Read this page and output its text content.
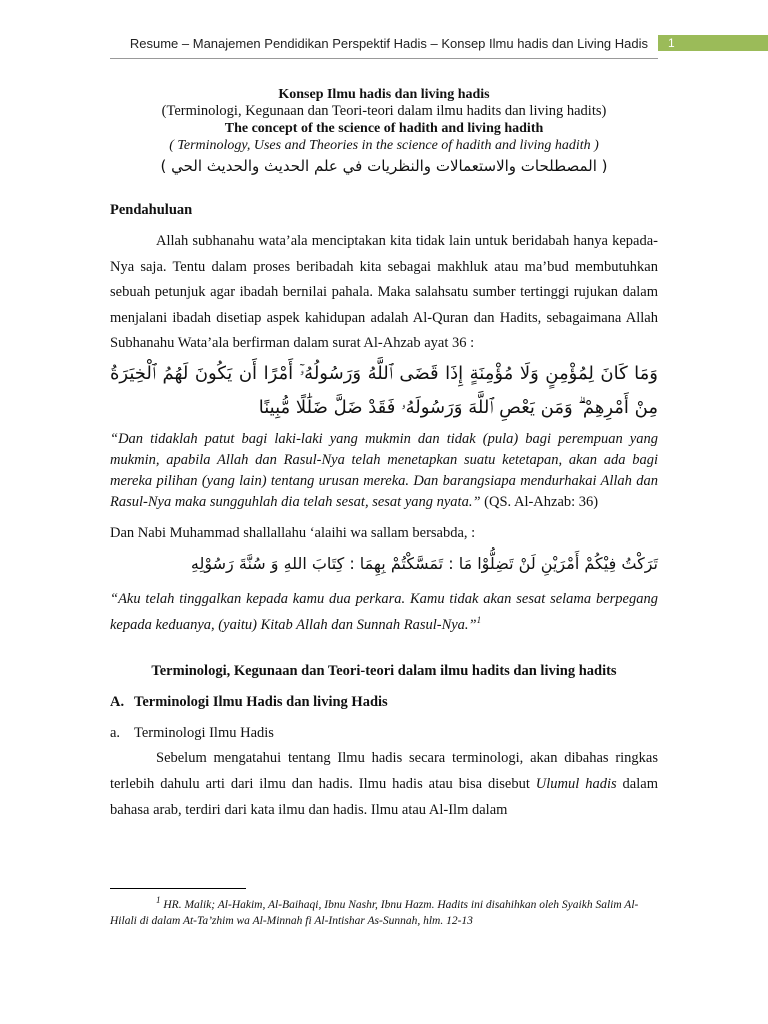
Resume – Manajemen Pendidikan Perspektif Hadis – Konsep Ilmu hadis dan Living Hadis	1
Konsep Ilmu hadis dan living hadis
(Terminologi, Kegunaan dan Teori-teori dalam ilmu hadits dan living hadits)
The concept of the science of hadith and living hadith
( Terminology, Uses and Theories in the science of hadith and living hadith )
( المصطلحات والاستعمالات والنظريات في علم الحديث والحديث الحي )
Pendahuluan

Allah subhanahu wata’ala menciptakan kita tidak lain untuk beridabah hanya kepada-Nya saja. Tentu dalam proses beribadah kita sebagai makhluk atau ma’bud membutuhkan sebuah petunjuk agar ibadah bernilai pahala. Maka salahsatu sumber tertinggi rujukan dalam menjalani ibadah disetiap aspek kahidupan adalah Al-Quran dan Hadits, sebagaimana Allah Subhanahu Wata’ala berfirman dalam surat Al-Ahzab ayat 36 :

وَمَا كَانَ لِمُؤْمِنٍ وَلَا مُؤْمِنَةٍ إِذَا قَضَى ٱللَّهُ وَرَسُولُهُۥٓ أَمْرًا أَن يَكُونَ لَهُمُ ٱلْخِيَرَةُ مِنْ أَمْرِهِمْ ۗ وَمَن يَعْصِ ٱللَّهَ وَرَسُولَهُۥ فَقَدْ ضَلَّ ضَلَٰلًا مُّبِينًا

“Dan tidaklah patut bagi laki-laki yang mukmin dan tidak (pula) bagi perempuan yang mukmin, apabila Allah dan Rasul-Nya telah menetapkan suatu ketetapan, akan ada bagi mereka pilihan (yang lain) tentang urusan mereka. Dan barangsiapa mendurhakai Allah dan Rasul-Nya maka sungguhlah dia telah sesat, sesat yang nyata.” (QS. Al-Ahzab: 36)

Dan Nabi Muhammad shallallahu ‘alaihi wa sallam bersabda, :

تَرَكْتُ فِيْكُمْ أَمْرَيْنِ لَنْ تَضِلُّوْا مَا : تَمَسَّكْتُمْ بِهِمَا : كِتَابَ اللهِ وَ سُنَّةَ رَسُوْلِهِ

“Aku telah tinggalkan kepada kamu dua perkara. Kamu tidak akan sesat selama berpegang kepada keduanya, (yaitu) Kitab Allah dan Sunnah Rasul-Nya.”$^1$

Terminologi, Kegunaan dan Teori-teori dalam ilmu hadits dan living hadits
A. Terminologi Ilmu Hadis dan living Hadis
a. Terminologi Ilmu Hadis

Sebelum mengatahui tentang Ilmu hadis secara terminologi, akan dibahas ringkas terlebih dahulu arti dari ilmu dan hadis. Ilmu hadis atau bisa disebut Ulumul hadis dalam bahasa arab, terdiri dari kata ilmu dan hadis. Ilmu atau Al-Ilm dalam

$^1$ HR. Malik; Al-Hakim, Al-Baihaqi, Ibnu Nashr, Ibnu Hazm. Hadits ini disahihkan oleh Syaikh Salim Al-Hilali di dalam At-Ta’zhim wa Al-Minnah fi Al-Intishar As-Sunnah, hlm. 12-13
